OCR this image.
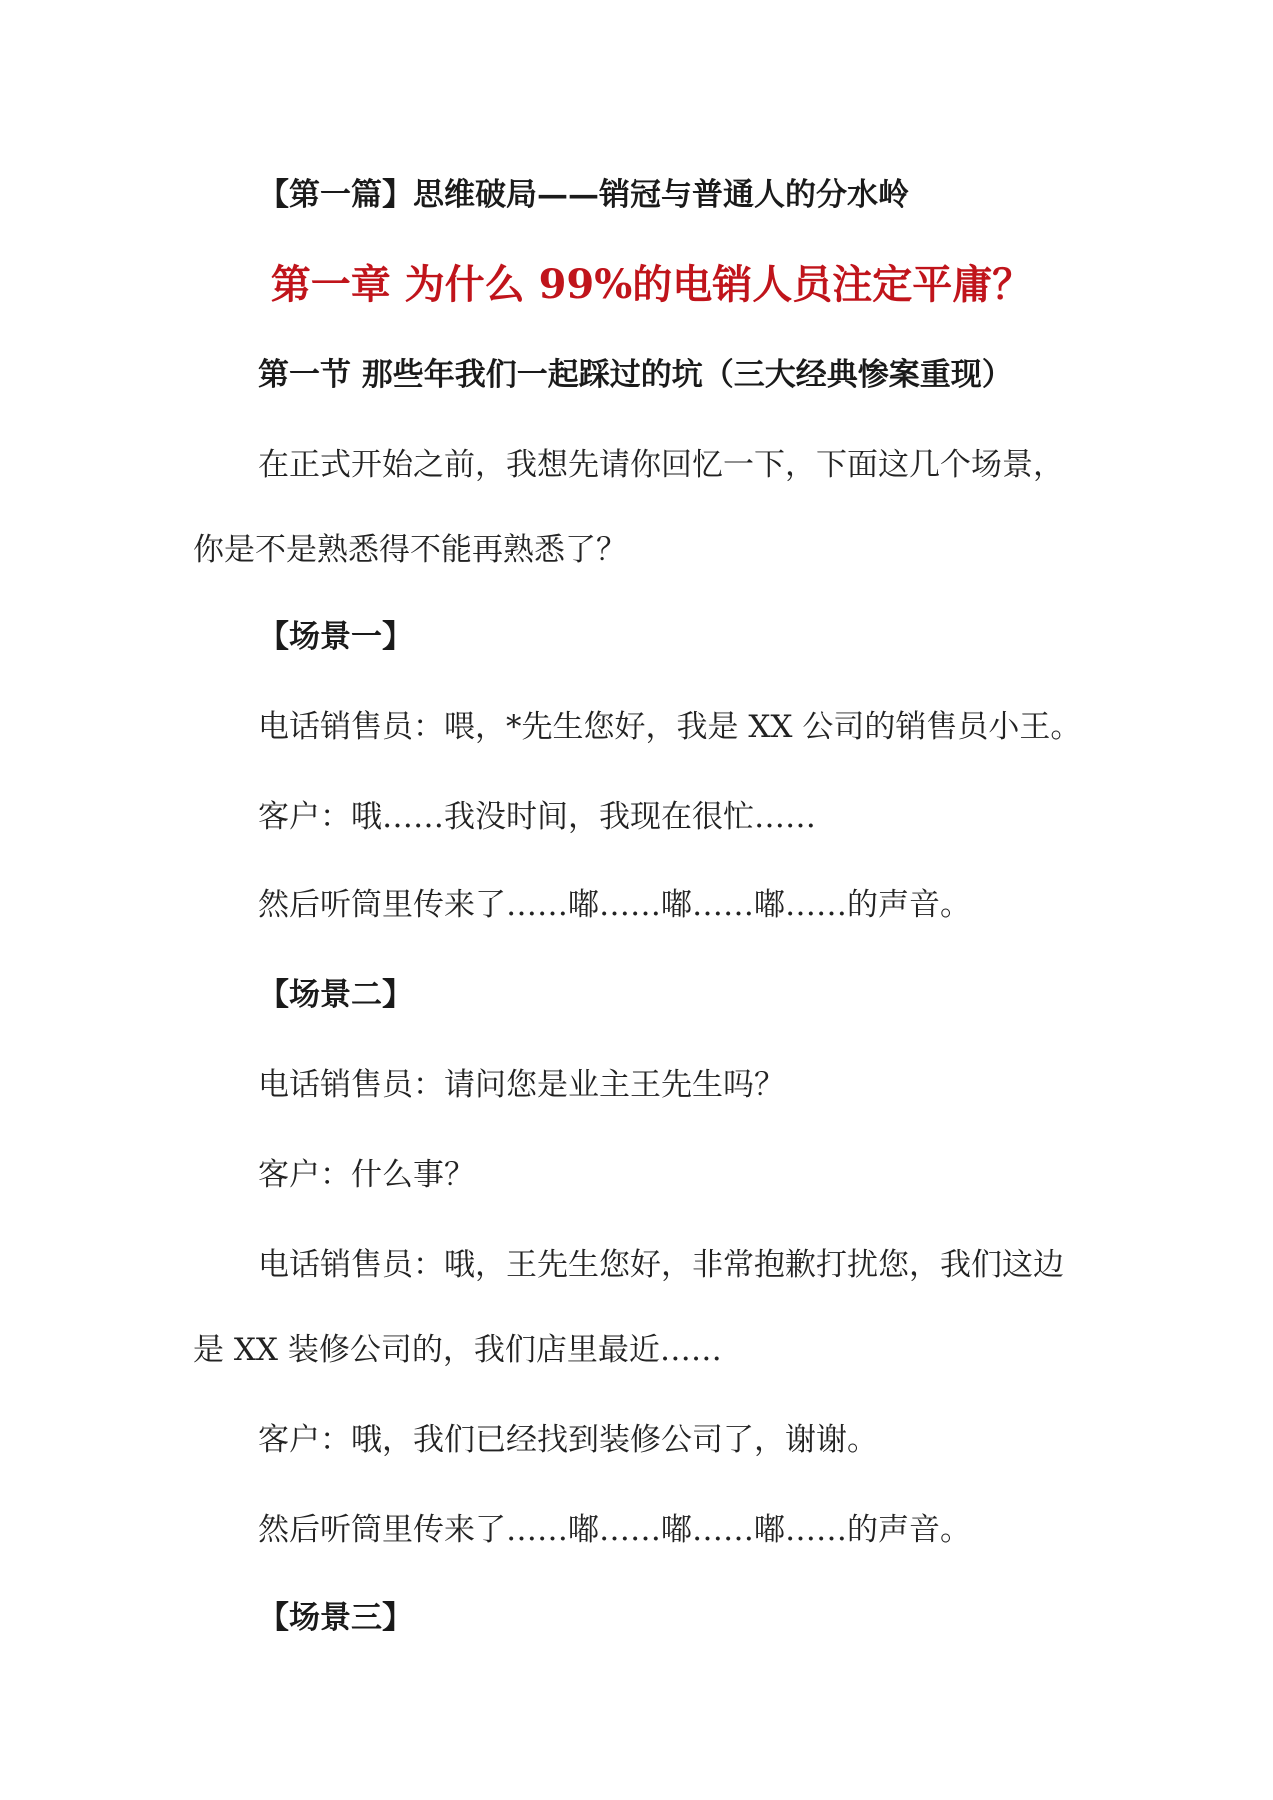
【第一篇】思维破局——销冠与普通人的分水岭
第一章 为什么 99%的电销人员注定平庸？
第一节 那些年我们一起踩过的坑（三大经典惨案重现）
在正式开始之前，我想先请你回忆一下，下面这几个场景，
你是不是熟悉得不能再熟悉了？
【场景一】
电话销售员：喂，*先生您好，我是 XX 公司的销售员小王。
客户：哦……我没时间，我现在很忙……
然后听筒里传来了……嘟……嘟……嘟……的声音。
【场景二】
电话销售员：请问您是业主王先生吗？
客户：什么事？
电话销售员：哦，王先生您好，非常抱歉打扰您，我们这边
是 XX 装修公司的，我们店里最近……
客户：哦，我们已经找到装修公司了，谢谢。
然后听筒里传来了……嘟……嘟……嘟……的声音。
【场景三】
